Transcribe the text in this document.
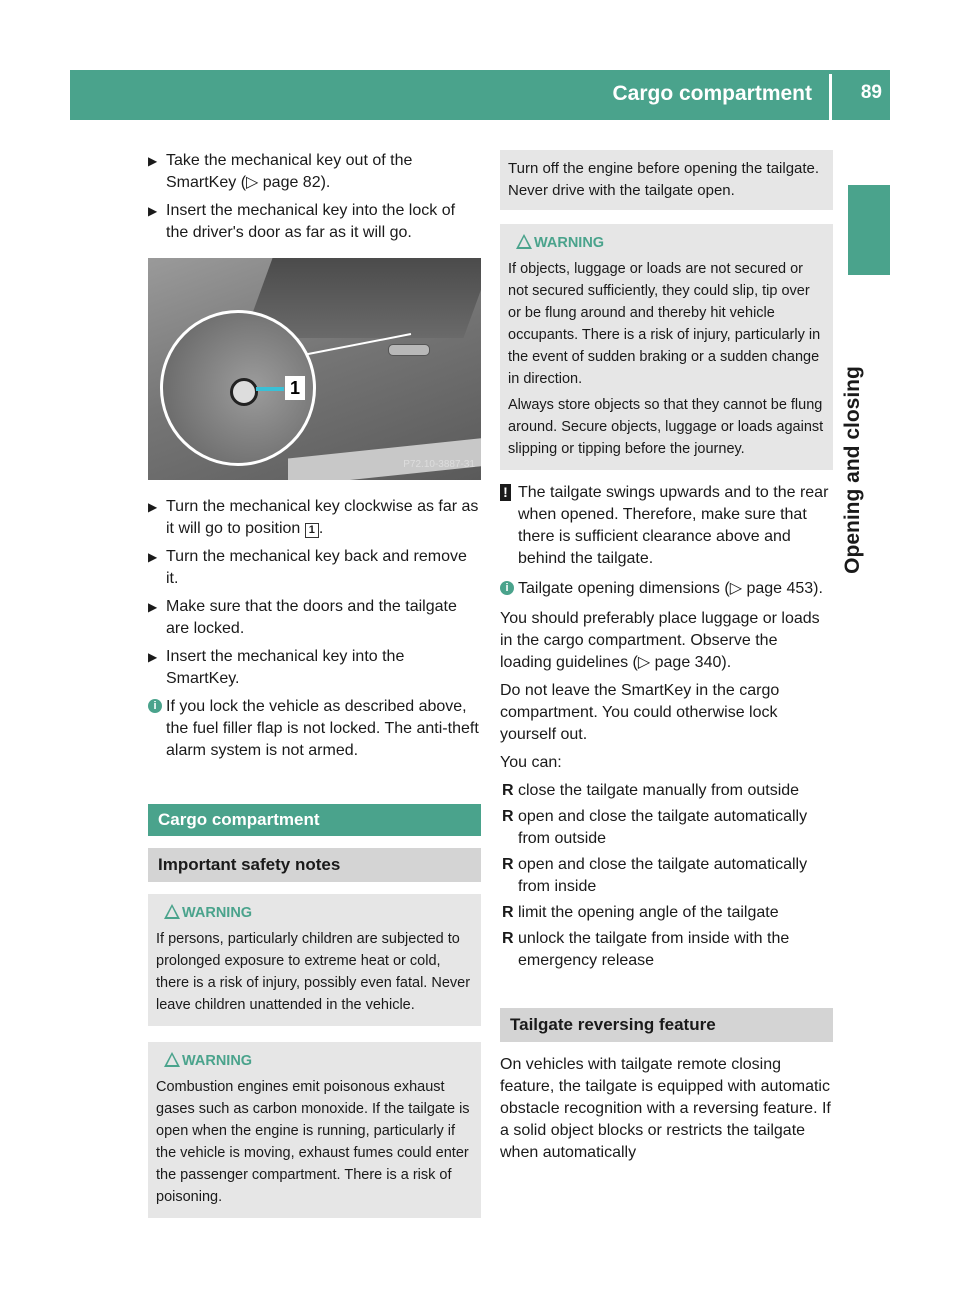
Cargo compartment	89
Opening and closing
▶ Take the mechanical key out of the SmartKey (▷ page 82).
▶ Insert the mechanical key into the lock of the driver's door as far as it will go.
1
P72.10-3887-31
▶ Turn the mechanical key clockwise as far as it will go to position 1 .
▶ Turn the mechanical key back and remove it.
▶ Make sure that the doors and the tailgate are locked.
▶ Insert the mechanical key into the SmartKey.
i If you lock the vehicle as described above, the fuel filler flap is not locked. The anti-theft alarm system is not armed.
Cargo compartment
Important safety notes
WARNING
If persons, particularly children are subjected to prolonged exposure to extreme heat or cold, there is a risk of injury, possibly even fatal. Never leave children unattended in the vehicle.
WARNING
Combustion engines emit poisonous exhaust gases such as carbon monoxide. If the tailgate is open when the engine is running, particularly if the vehicle is moving, exhaust fumes could enter the passenger compartment. There is a risk of poisoning.
Turn off the engine before opening the tailgate. Never drive with the tailgate open.
WARNING
If objects, luggage or loads are not secured or not secured sufficiently, they could slip, tip over or be flung around and thereby hit vehicle occupants. There is a risk of injury, particularly in the event of sudden braking or a sudden change in direction.
Always store objects so that they cannot be flung around. Secure objects, luggage or loads against slipping or tipping before the journey.
! The tailgate swings upwards and to the rear when opened. Therefore, make sure that there is sufficient clearance above and behind the tailgate.
i Tailgate opening dimensions (▷ page 453).

You should preferably place luggage or loads in the cargo compartment. Observe the loading guidelines (▷ page 340).

Do not leave the SmartKey in the cargo compartment. You could otherwise lock yourself out.

You can:

R close the tailgate manually from outside
R open and close the tailgate automatically from outside
R open and close the tailgate automatically from inside
R limit the opening angle of the tailgate
R unlock the tailgate from inside with the emergency release
Tailgate reversing feature

On vehicles with tailgate remote closing feature, the tailgate is equipped with automatic obstacle recognition with a reversing feature. If a solid object blocks or restricts the tailgate when automatically
